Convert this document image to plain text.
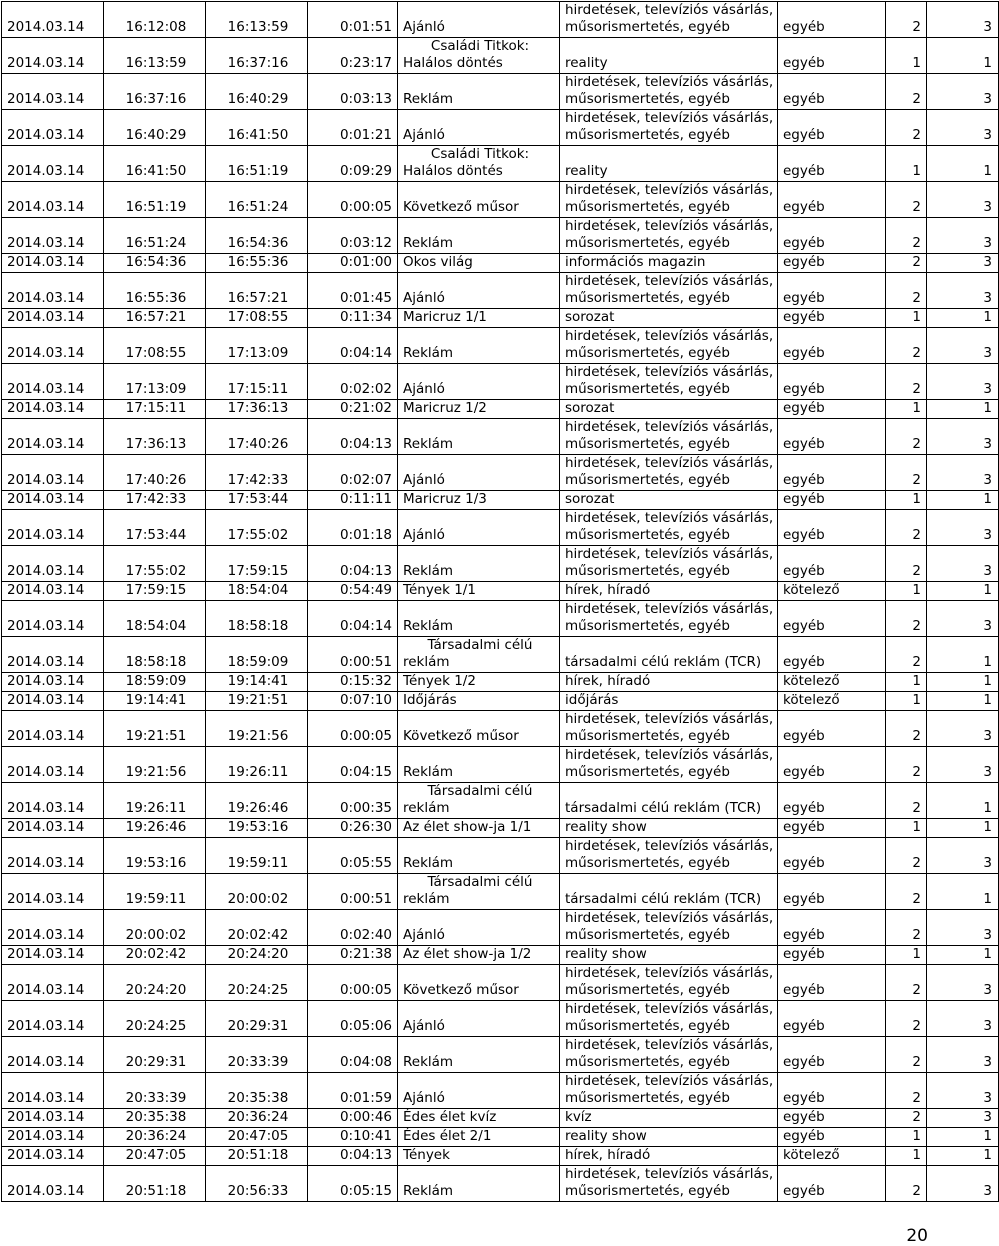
2014.03.14	16:12:08	16:13:59	0:01:51	Ajánló	hirdetések, televíziós vásárlás,
műsorismertetés, egyéb	egyéb	2	3
2014.03.14	16:13:59	16:37:16	0:23:17	Családi Titkok:
Halálos döntés	reality	egyéb	1	1
2014.03.14	16:37:16	16:40:29	0:03:13	Reklám	hirdetések, televíziós vásárlás,
műsorismertetés, egyéb	egyéb	2	3
2014.03.14	16:40:29	16:41:50	0:01:21	Ajánló	hirdetések, televíziós vásárlás,
műsorismertetés, egyéb	egyéb	2	3
2014.03.14	16:41:50	16:51:19	0:09:29	Családi Titkok:
Halálos döntés	reality	egyéb	1	1
2014.03.14	16:51:19	16:51:24	0:00:05	Következő műsor	hirdetések, televíziós vásárlás,
műsorismertetés, egyéb	egyéb	2	3
2014.03.14	16:51:24	16:54:36	0:03:12	Reklám	hirdetések, televíziós vásárlás,
műsorismertetés, egyéb	egyéb	2	3
2014.03.14	16:54:36	16:55:36	0:01:00	Okos világ	információs magazin	egyéb	2	3
2014.03.14	16:55:36	16:57:21	0:01:45	Ajánló	hirdetések, televíziós vásárlás,
műsorismertetés, egyéb	egyéb	2	3
2014.03.14	16:57:21	17:08:55	0:11:34	Maricruz 1/1	sorozat	egyéb	1	1
2014.03.14	17:08:55	17:13:09	0:04:14	Reklám	hirdetések, televíziós vásárlás,
műsorismertetés, egyéb	egyéb	2	3
2014.03.14	17:13:09	17:15:11	0:02:02	Ajánló	hirdetések, televíziós vásárlás,
műsorismertetés, egyéb	egyéb	2	3
2014.03.14	17:15:11	17:36:13	0:21:02	Maricruz 1/2	sorozat	egyéb	1	1
2014.03.14	17:36:13	17:40:26	0:04:13	Reklám	hirdetések, televíziós vásárlás,
műsorismertetés, egyéb	egyéb	2	3
2014.03.14	17:40:26	17:42:33	0:02:07	Ajánló	hirdetések, televíziós vásárlás,
műsorismertetés, egyéb	egyéb	2	3
2014.03.14	17:42:33	17:53:44	0:11:11	Maricruz 1/3	sorozat	egyéb	1	1
2014.03.14	17:53:44	17:55:02	0:01:18	Ajánló	hirdetések, televíziós vásárlás,
műsorismertetés, egyéb	egyéb	2	3
2014.03.14	17:55:02	17:59:15	0:04:13	Reklám	hirdetések, televíziós vásárlás,
műsorismertetés, egyéb	egyéb	2	3
2014.03.14	17:59:15	18:54:04	0:54:49	Tények 1/1	hírek, híradó	kötelező	1	1
2014.03.14	18:54:04	18:58:18	0:04:14	Reklám	hirdetések, televíziós vásárlás,
műsorismertetés, egyéb	egyéb	2	3
2014.03.14	18:58:18	18:59:09	0:00:51	Társadalmi célú
reklám	társadalmi célú reklám (TCR)	egyéb	2	1
2014.03.14	18:59:09	19:14:41	0:15:32	Tények 1/2	hírek, híradó	kötelező	1	1
2014.03.14	19:14:41	19:21:51	0:07:10	Időjárás	időjárás	kötelező	1	1
2014.03.14	19:21:51	19:21:56	0:00:05	Következő műsor	hirdetések, televíziós vásárlás,
műsorismertetés, egyéb	egyéb	2	3
2014.03.14	19:21:56	19:26:11	0:04:15	Reklám	hirdetések, televíziós vásárlás,
műsorismertetés, egyéb	egyéb	2	3
2014.03.14	19:26:11	19:26:46	0:00:35	Társadalmi célú
reklám	társadalmi célú reklám (TCR)	egyéb	2	1
2014.03.14	19:26:46	19:53:16	0:26:30	Az élet show-ja 1/1	reality show	egyéb	1	1
2014.03.14	19:53:16	19:59:11	0:05:55	Reklám	hirdetések, televíziós vásárlás,
műsorismertetés, egyéb	egyéb	2	3
2014.03.14	19:59:11	20:00:02	0:00:51	Társadalmi célú
reklám	társadalmi célú reklám (TCR)	egyéb	2	1
2014.03.14	20:00:02	20:02:42	0:02:40	Ajánló	hirdetések, televíziós vásárlás,
műsorismertetés, egyéb	egyéb	2	3
2014.03.14	20:02:42	20:24:20	0:21:38	Az élet show-ja 1/2	reality show	egyéb	1	1
2014.03.14	20:24:20	20:24:25	0:00:05	Következő műsor	hirdetések, televíziós vásárlás,
műsorismertetés, egyéb	egyéb	2	3
2014.03.14	20:24:25	20:29:31	0:05:06	Ajánló	hirdetések, televíziós vásárlás,
műsorismertetés, egyéb	egyéb	2	3
2014.03.14	20:29:31	20:33:39	0:04:08	Reklám	hirdetések, televíziós vásárlás,
műsorismertetés, egyéb	egyéb	2	3
2014.03.14	20:33:39	20:35:38	0:01:59	Ajánló	hirdetések, televíziós vásárlás,
műsorismertetés, egyéb	egyéb	2	3
2014.03.14	20:35:38	20:36:24	0:00:46	Édes élet kvíz	kvíz	egyéb	2	3
2014.03.14	20:36:24	20:47:05	0:10:41	Édes élet 2/1	reality show	egyéb	1	1
2014.03.14	20:47:05	20:51:18	0:04:13	Tények	hírek, híradó	kötelező	1	1
2014.03.14	20:51:18	20:56:33	0:05:15	Reklám	hirdetések, televíziós vásárlás,
műsorismertetés, egyéb	egyéb	2	3
20
